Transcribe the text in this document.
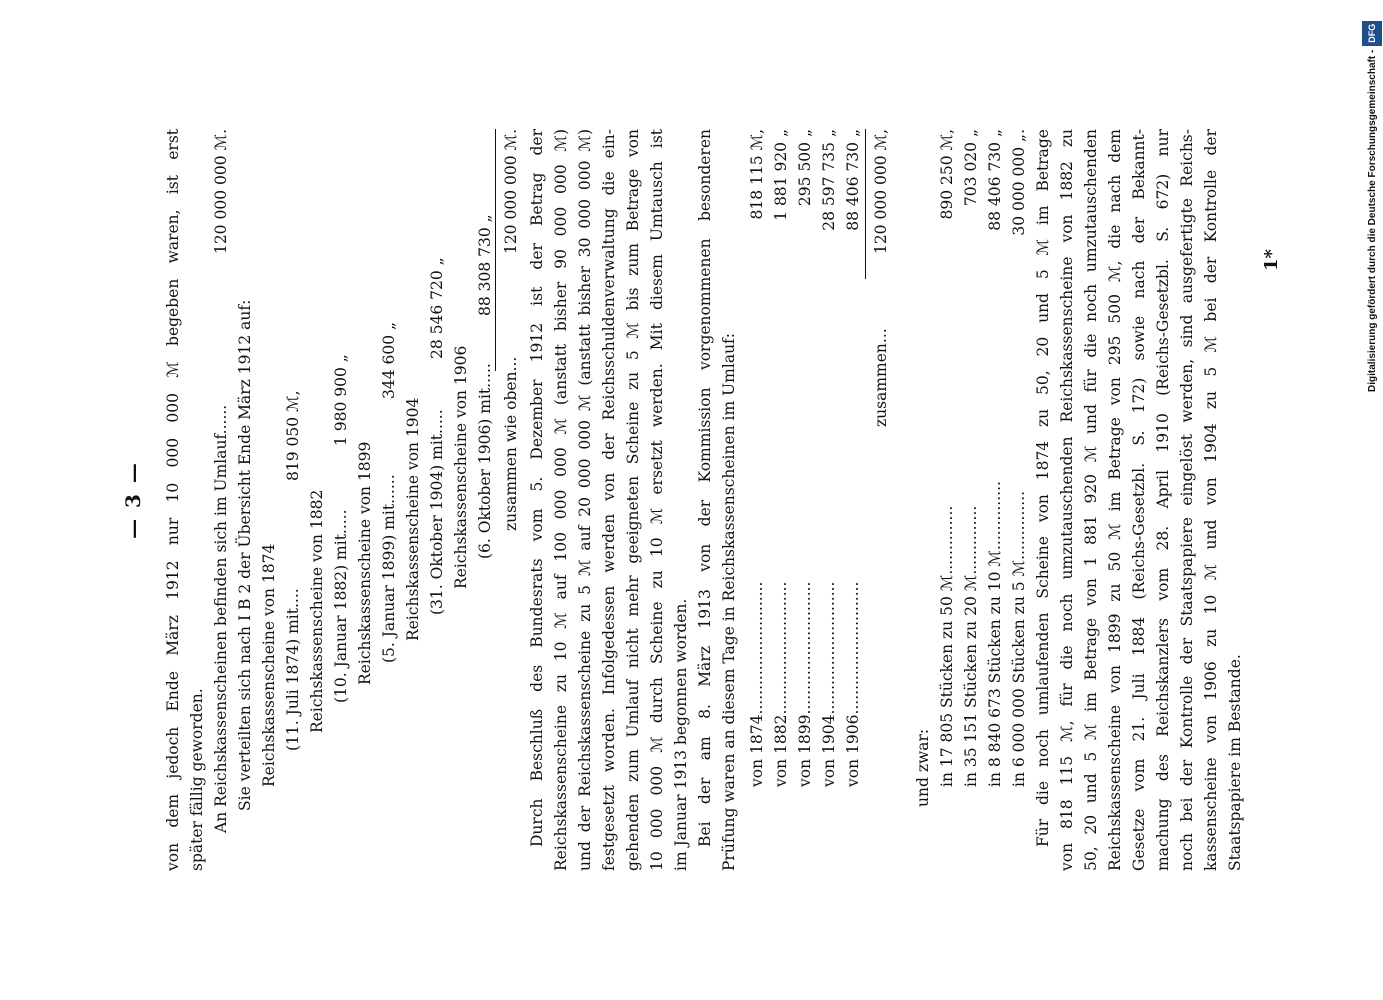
— 3 — von dem jedoch Ende März 1912 nur 10 000 000 ℳ begeben waren, ist erst später fällig geworden. An Reichskassenscheinen befinden sich im Umlauf......
120 000 000 ℳ.
Sie verteilten sich nach I B 2 der Übersicht Ende März 1912 auf: Reichskassenscheine von 1874 (11. Juli 1874) mit....
819 050 ℳ,
Reichskassenscheine von 1882 (10. Januar 1882) mit.....
1 980 900 „
Reichskassenscheine von 1899 (5. Januar 1899) mit......
344 600 „
Reichskassenscheine von 1904 (31. Oktober 1904) mit.....
28 546 720 „
Reichskassenscheine von 1906 (6. Oktober 1906) mit.....
88 308 730 „
zusammen wie oben...
120 000 000 ℳ. Durch Beschluß des Bundesrats vom 5. Dezember 1912 ist der Betrag der Reichskassenscheine zu 10 ℳ auf 100 000 000 ℳ (anstatt bisher 90 000 000 ℳ) und der Reichskassenscheine zu 5 ℳ auf 20 000 000 ℳ (anstatt bisher 30 000 000 ℳ) festgesetzt worden. Infolgedessen werden von der Reichsschuldenverwaltung die ein- gehenden zum Umlauf nicht mehr geeigneten Scheine zu 5 ℳ bis zum Betrage von 10 000 000 ℳ durch Scheine zu 10 ℳ ersetzt werden. Mit diesem Umtausch ist im Januar 1913 begonnen worden. Bei der am 8. März 1913 von der Kommission vorgenommenen besonderen Prüfung waren an diesem Tage in Reichskassenscheinen im Umlauf: von 1874...........................
818 115 ℳ,
von 1882...........................
1 881 920 „
von 1899...........................
295 500 „
von 1904...........................
28 597 735 „
von 1906...........................
88 406 730 „
zusammen...
120 000 000 ℳ,
und zwar: in 17 805 Stücken zu 50 ℳ..............
890 250 ℳ,
in 35 151 Stücken zu 20 ℳ..............
703 020 „
in 8 840 673 Stücken zu 10 ℳ..............
88 406 730 „
in 6 000 000 Stücken zu 5 ℳ..............
30 000 000 „. Für die noch umlaufenden Scheine von 1874 zu 50, 20 und 5 ℳ im Betrage von 818 115 ℳ, für die noch umzutauschenden Reichskassenscheine von 1882 zu 50, 20 und 5 ℳ im Betrage von 1 881 920 ℳ und für die noch umzutauschenden Reichskassenscheine von 1899 zu 50 ℳ im Betrage von 295 500 ℳ, die nach dem Gesetze vom 21. Juli 1884 (Reichs-Gesetzbl. S. 172) sowie nach der Bekannt- machung des Reichskanzlers vom 28. April 1910 (Reichs-Gesetzbl. S. 672) nur noch bei der Kontrolle der Staatspapiere eingelöst werden, sind ausgefertigte Reichs- kassenscheine von 1906 zu 10 ℳ und von 1904 zu 5 ℳ bei der Kontrolle der Staatspapiere im Bestande.
1*	Digitalisierung gefördert durch die Deutsche Forschungsgemeinschaft -DFG
